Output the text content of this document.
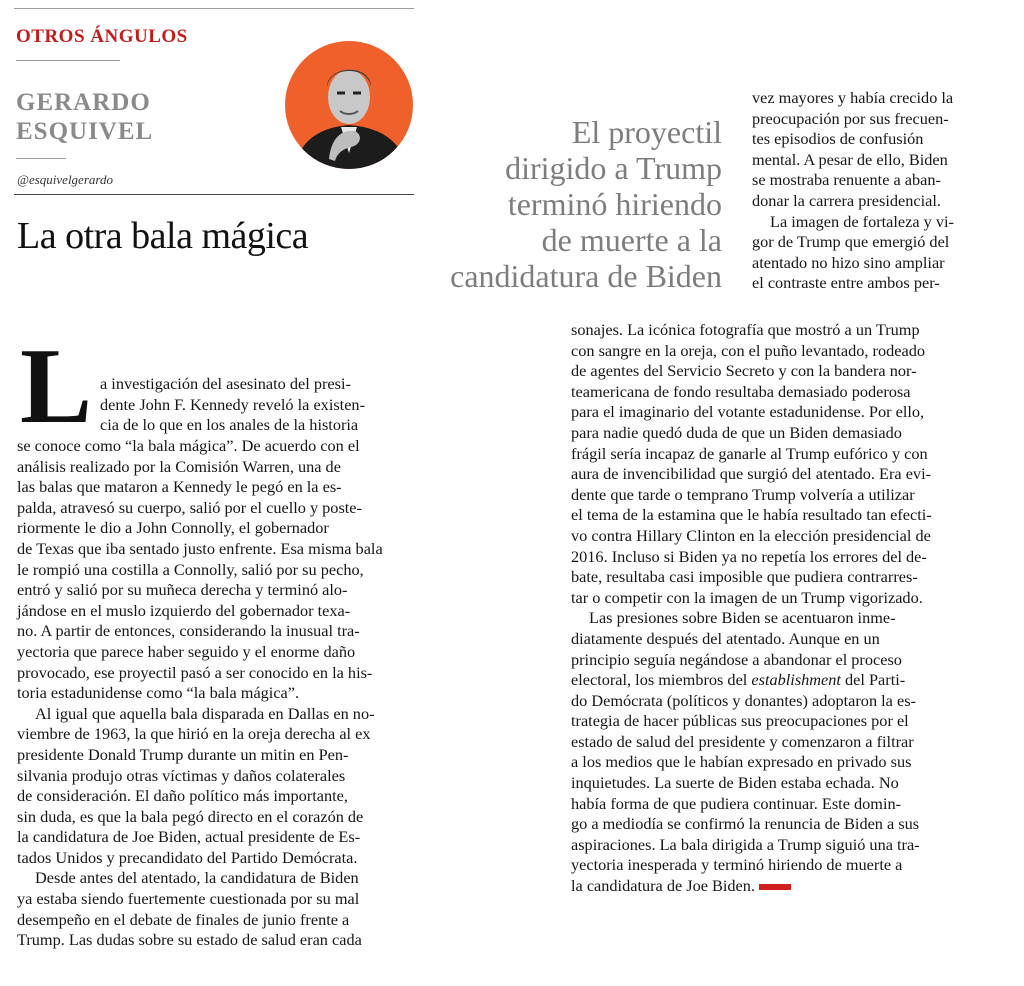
OTROS ÁNGULOS
GERARDO
ESQUIVEL
@esquivelgerardo
La otra bala mágica
El proyectil
dirigido a Trump
terminó hiriendo
de muerte a la
candidatura de Biden
L a investigación del asesinato del presi-
dente John F. Kennedy reveló la existen-
cia de lo que en los anales de la historia
se conoce como “la bala mágica”. De acuerdo con el
análisis realizado por la Comisión Warren, una de
las balas que mataron a Kennedy le pegó en la es-
palda, atravesó su cuerpo, salió por el cuello y poste-
riormente le dio a John Connolly, el gobernador
de Texas que iba sentado justo enfrente. Esa misma bala
le rompió una costilla a Connolly, salió por su pecho,
entró y salió por su muñeca derecha y terminó alo-
jándose en el muslo izquierdo del gobernador texa-
no. A partir de entonces, considerando la inusual tra-
yectoria que parece haber seguido y el enorme daño
provocado, ese proyectil pasó a ser conocido en la his-
toria estadunidense como “la bala mágica”.
Al igual que aquella bala disparada en Dallas en no-
viembre de 1963, la que hirió en la oreja derecha al ex
presidente Donald Trump durante un mitin en Pen-
silvania produjo otras víctimas y daños colaterales
de consideración. El daño político más importante,
sin duda, es que la bala pegó directo en el corazón de
la candidatura de Joe Biden, actual presidente de Es-
tados Unidos y precandidato del Partido Demócrata.
Desde antes del atentado, la candidatura de Biden
ya estaba siendo fuertemente cuestionada por su mal
desempeño en el debate de finales de junio frente a
Trump. Las dudas sobre su estado de salud eran cada
vez mayores y había crecido la
preocupación por sus frecuen-
tes episodios de confusión
mental. A pesar de ello, Biden
se mostraba renuente a aban-
donar la carrera presidencial.
La imagen de fortaleza y vi-
gor de Trump que emergió del
atentado no hizo sino ampliar
el contraste entre ambos per-
sonajes. La icónica fotografía que mostró a un Trump
con sangre en la oreja, con el puño levantado, rodeado
de agentes del Servicio Secreto y con la bandera nor-
teamericana de fondo resultaba demasiado poderosa
para el imaginario del votante estadunidense. Por ello,
para nadie quedó duda de que un Biden demasiado
frágil sería incapaz de ganarle al Trump eufórico y con
aura de invencibilidad que surgió del atentado. Era evi-
dente que tarde o temprano Trump volvería a utilizar
el tema de la estamina que le había resultado tan efecti-
vo contra Hillary Clinton en la elección presidencial de
2016. Incluso si Biden ya no repetía los errores del de-
bate, resultaba casi imposible que pudiera contrarres-
tar o competir con la imagen de un Trump vigorizado.
Las presiones sobre Biden se acentuaron inme-
diatamente después del atentado. Aunque en un
principio seguía negándose a abandonar el proceso
electoral, los miembros del establishment del Parti-
do Demócrata (políticos y donantes) adoptaron la es-
trategia de hacer públicas sus preocupaciones por el
estado de salud del presidente y comenzaron a filtrar
a los medios que le habían expresado en privado sus
inquietudes. La suerte de Biden estaba echada. No
había forma de que pudiera continuar. Este domin-
go a mediodía se confirmó la renuncia de Biden a sus
aspiraciones. La bala dirigida a Trump siguió una tra-
yectoria inesperada y terminó hiriendo de muerte a
la candidatura de Joe Biden.
